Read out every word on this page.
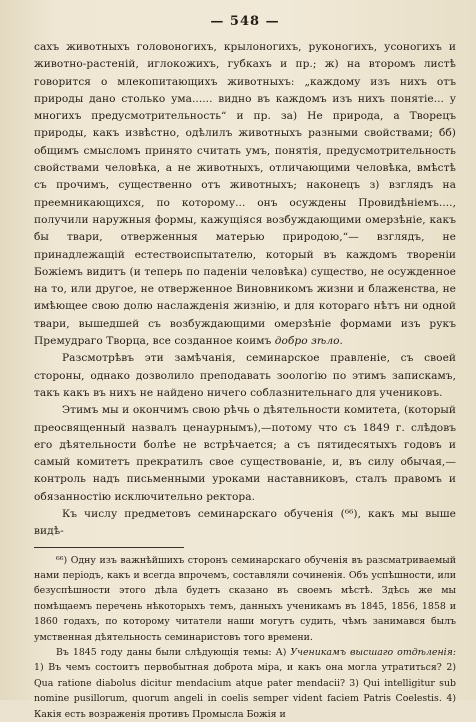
— 548 —

сахъ животныхъ головоногихъ, крылоногихъ, руконогихъ, усоногихъ и животно-растеній, иглокожихъ, губкахъ и пр.; ж) на второмъ листѣ говорится о млекопитающихъ животныхъ: „каждому изъ нихъ отъ природы дано столько ума...... видно въ каждомъ изъ нихъ понятіе... у многихъ предусмотрительность“ и пр. за) Не природа, а Творецъ природы, какъ извѣстно, одѣлилъ животныхъ разными свойствами; бб) общимъ смысломъ принято считать умъ, понятія, предусмотрительность свойствами человѣка, а не животныхъ, отличающими человѣка, вмѣстѣ съ прочимъ, существенно отъ животныхъ; наконецъ з) взглядъ на преемникающихся, по которому... онъ осуждены Провидѣніемъ...., получили наружныя формы, кажущіяся возбуждающими омерзѣніе, какъ бы твари, отверженныя матерью природою,“— взглядъ, не принадлежащій естествоиспытателю, который въ каждомъ твореніи Божіемъ видитъ (и теперь по паденіи человѣка) существо, не осужденное на то, или другое, не отверженное Виновникомъ жизни и блаженства, не имѣющее свою долю наслажденія жизнію, и для котораго нѣтъ ни одной твари, вышедшей съ возбуждающими омерзѣніе формами изъ рукъ Премудраго Творца, все созданное коимъ добро зѣло.

Разсмотрѣвъ эти замѣчанія, семинарское правленіе, съ своей стороны, однако дозволило преподавать зоологію по этимъ запискамъ, такъ какъ въ нихъ не найдено ничего соблазнительнаго для учениковъ.

Этимъ мы и окончимъ свою рѣчь о дѣятельности комитета, (который преосвященный назвалъ ценаурнымъ),—потому что съ 1849 г. слѣдовъ его дѣятельности болѣе не встрѣчается; а съ пятидесятыхъ годовъ и самый комитетъ прекратилъ свое существованіе, и, въ силу обычая,—контроль надъ письменными уроками наставниковъ, сталъ правомъ и обязанностію исключительно ректора.

Къ числу предметовъ семинарскаго обученія (⁶⁶), какъ мы выше видѣ-

⁶⁶) Одну изъ важнѣйшихъ сторонъ семинарскаго обученія въ разсматриваемый нами періодъ, какъ и всегда впрочемъ, составляли сочиненія. Объ успѣшности, или безуспѣшности этого дѣла будетъ сказано въ своемъ мѣстѣ. Здѣсь же мы помѣщаемъ перечень нѣкоторыхъ темъ, данныхъ ученикамъ въ 1845, 1856, 1858 и 1860 годахъ, по которому читатели наши могутъ судить, чѣмъ занимався былъ умственная дѣятельность семинаристовъ того времени.

Въ 1845 году даны были слѣдующія темы: А) Ученикамъ высшаго отдѣленія: 1) Въ чемъ состоитъ первобытная доброта міра, и какъ она могла утратиться? 2) Qua ratione diabolus dicitur mendacium atque pater mendacii? 3) Qui intelligitur sub nomine pusillorum, quorum angeli in coelis semper vident faciem Patris Coelestis. 4) Какія есть возраженія противъ Промысла Божія и
